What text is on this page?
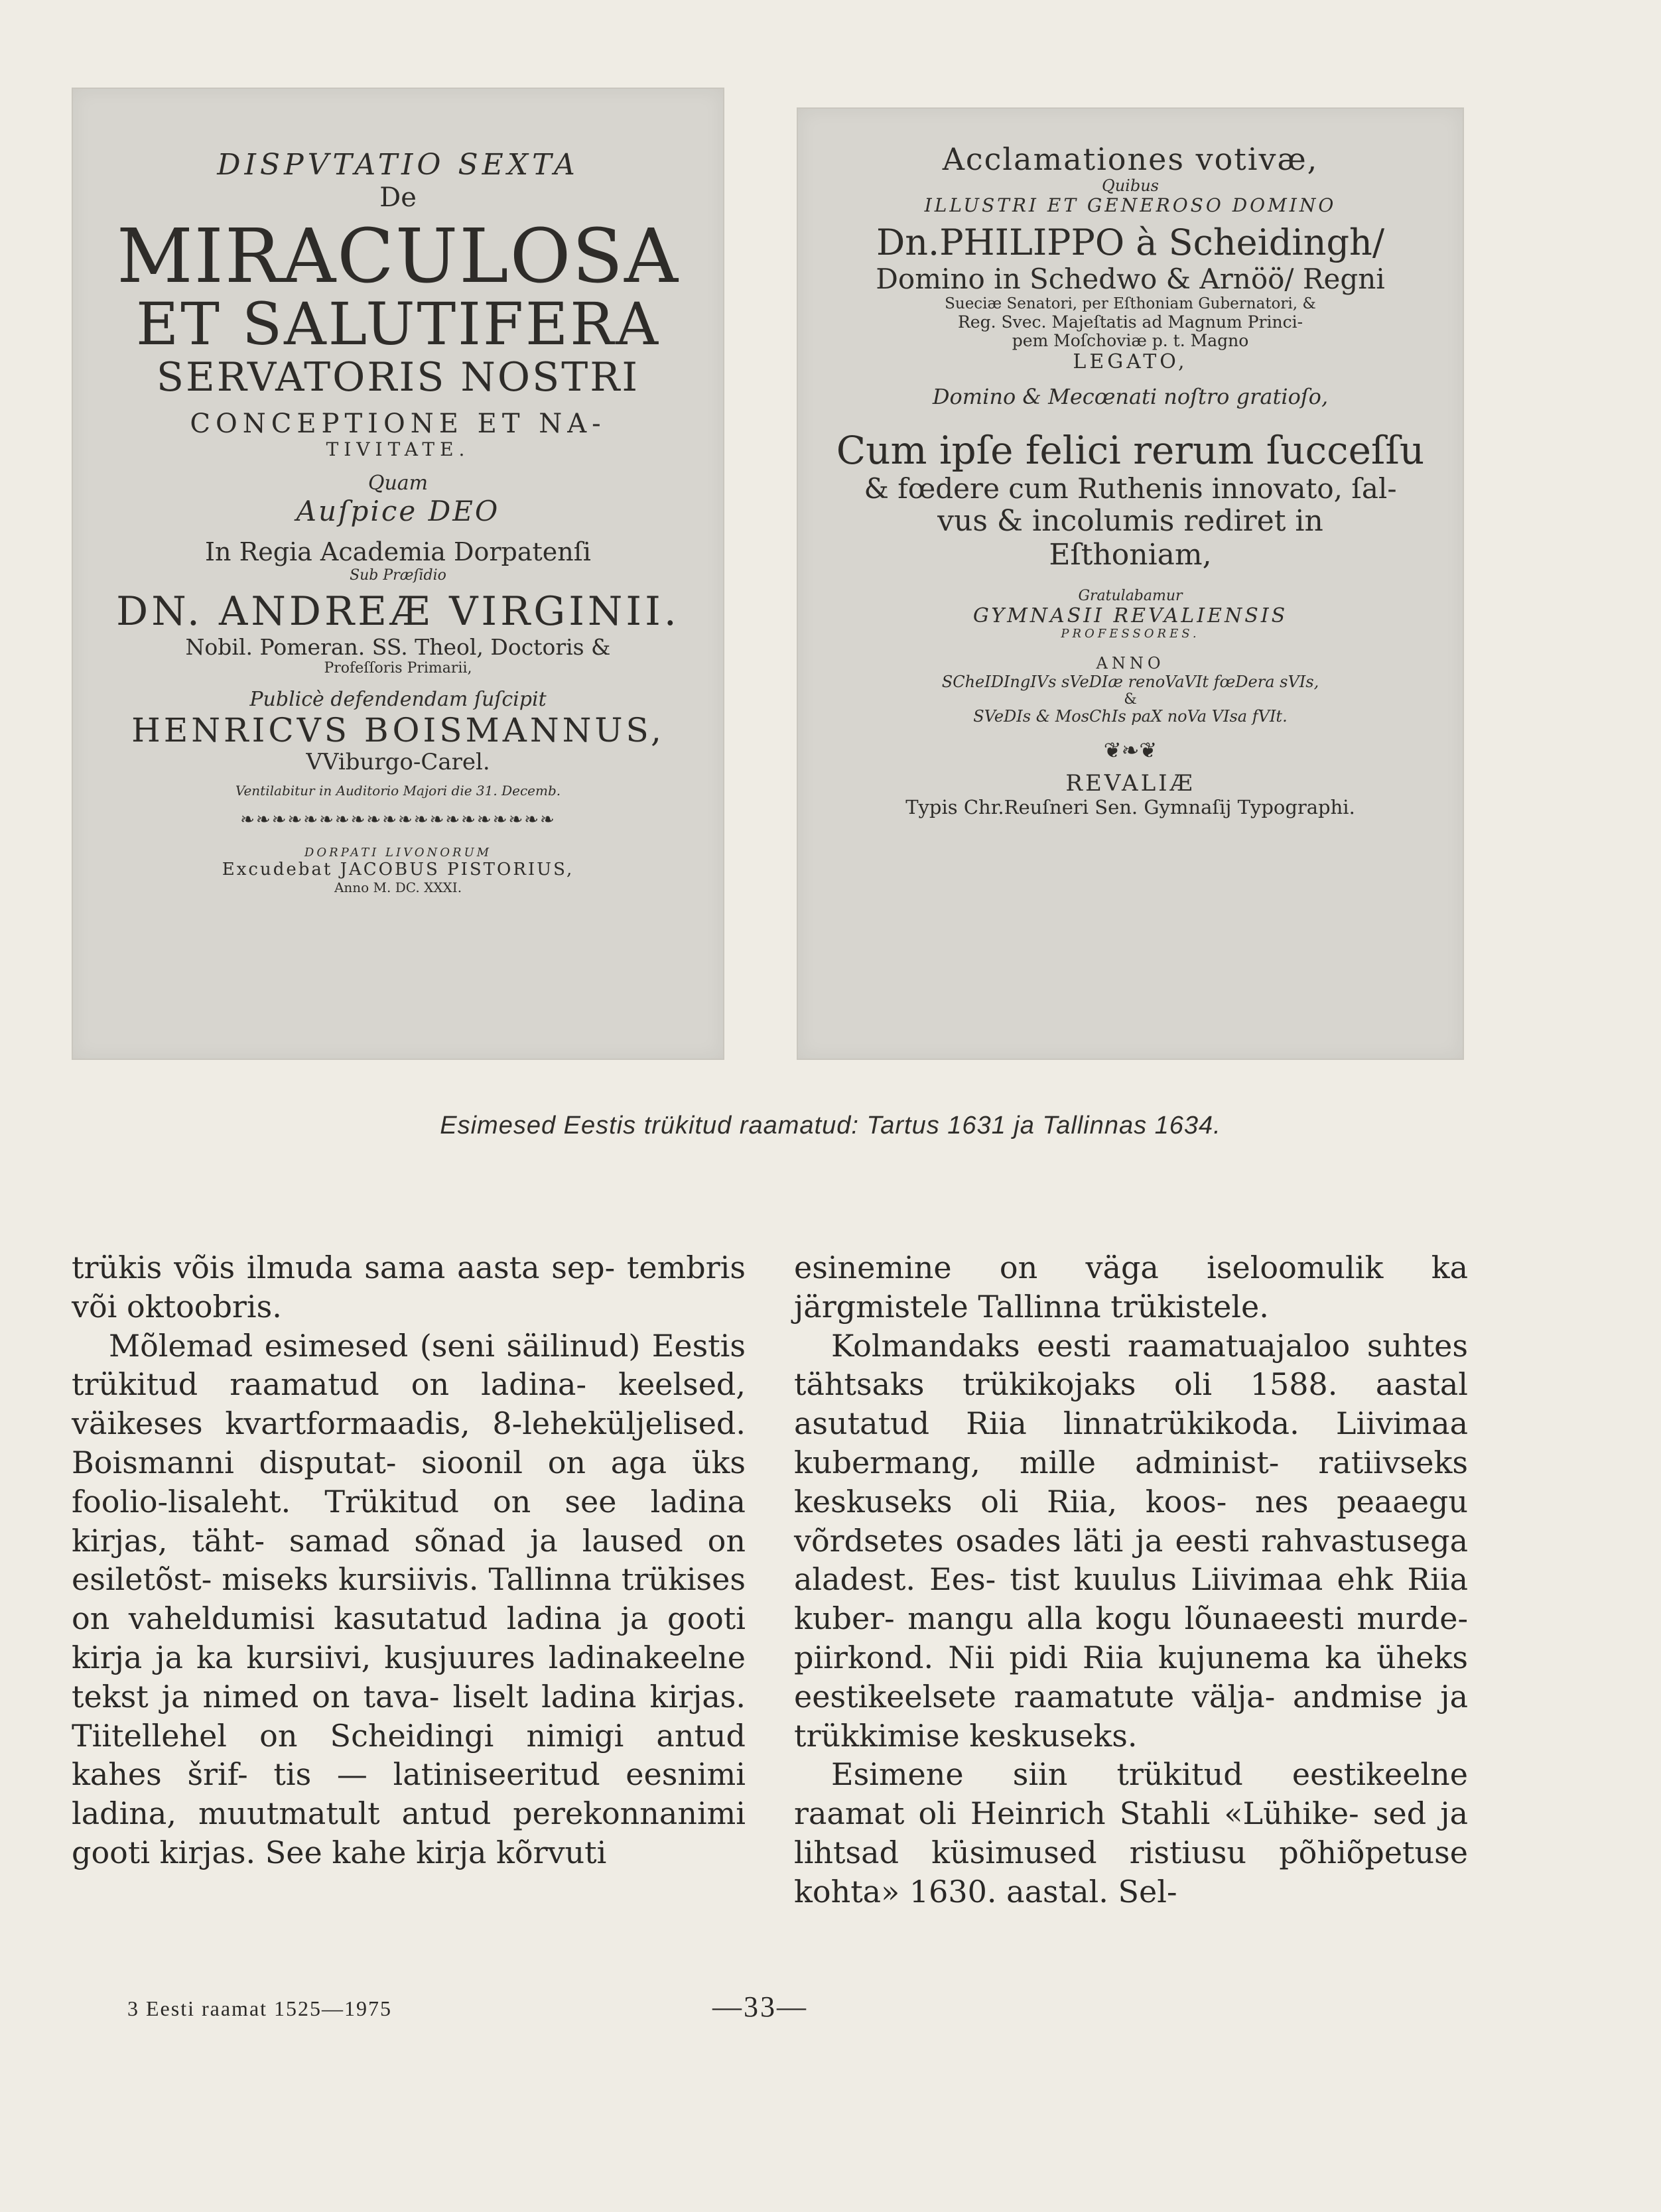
DISPVTATIO SEXTA
De
MIRACULOSA
ET SALUTIFERA
SERVATORIS NOSTRI
CONCEPTIONE ET NA-
TIVITATE.
Quam
Auſpice DEO
In Regia Academia Dorpatenſi
Sub Præſidio
DN. ANDREÆ VIRGINII.
Nobil. Pomeran. SS. Theol, Doctoris &
Profeſſoris Primarii,
Publicè defendendam ſuſcipit
HENRICVS BOISMANNUS,
VViburgo-Carel.
Ventilabitur in Auditorio Majori die 31. Decemb.
❧❧❧❧❧❧❧❧❧❧❧❧❧❧❧❧❧❧❧❧
DORPATI LIVONORUM
Excudebat JACOBUS PISTORIUS,
Anno M. DC. XXXI.
Acclamationes votivæ,
Quibus
ILLUSTRI ET GENEROSO DOMINO
Dn.PHILIPPO à Scheidingh/
Domino in Schedwo & Arnöö/ Regni
Sueciæ Senatori, per Eſthoniam Gubernatori, &
Reg. Svec. Majeſtatis ad Magnum Princi-
pem Moſchoviæ p. t. Magno
LEGATO,
Domino & Mecœnati noſtro gratioſo,
Cum ipſe felici rerum ſucceſſu
& fœdere cum Ruthenis innovato, ſal-
vus & incolumis rediret in
Eſthoniam,
Gratulabamur
GYMNASII REVALIENSIS
PROFESSORES.
ANNO
SCheIDIngIVs sVeDIæ renoVaVIt fœDera sVIs,
&
SVeDIs & MosChIs paX noVa VIsa fVIt.
❦❧❦
REVALIÆ
Typis Chr.Reuſneri Sen. Gymnaſij Typographi.
Esimesed Eestis trükitud raamatud: Tartus 1631 ja Tallinnas 1634.

trükis võis ilmuda sama aasta sep- tembris või oktoobris.

Mõlemad esimesed (seni säilinud) Eestis trükitud raamatud on ladina- keelsed, väikeses kvartformaadis, 8-leheküljelised. Boismanni disputat- sioonil on aga üks foolio-lisaleht. Trükitud on see ladina kirjas, täht- samad sõnad ja laused on esiletõst- miseks kursiivis. Tallinna trükises on vaheldumisi kasutatud ladina ja gooti kirja ja ka kursiivi, kusjuures ladinakeelne tekst ja nimed on tava- liselt ladina kirjas. Tiitellehel on Scheidingi nimigi antud kahes šrif- tis — latiniseeritud eesnimi ladina, muutmatult antud perekonnanimi gooti kirjas. See kahe kirja kõrvuti

esinemine on väga iseloomulik ka järgmistele Tallinna trükistele.

Kolmandaks eesti raamatuajaloo suhtes tähtsaks trükikojaks oli 1588. aastal asutatud Riia linnatrükikoda. Liivimaa kubermang, mille administ- ratiivseks keskuseks oli Riia, koos- nes peaaegu võrdsetes osades läti ja eesti rahvastusega aladest. Ees- tist kuulus Liivimaa ehk Riia kuber- mangu alla kogu lõunaeesti murde- piirkond. Nii pidi Riia kujunema ka üheks eestikeelsete raamatute välja- andmise ja trükkimise keskuseks.

Esimene siin trükitud eestikeelne raamat oli Heinrich Stahli «Lühike- sed ja lihtsad küsimused ristiusu põhiõpetuse kohta» 1630. aastal. Sel-

3 Eesti raamat 1525—1975	—33—
